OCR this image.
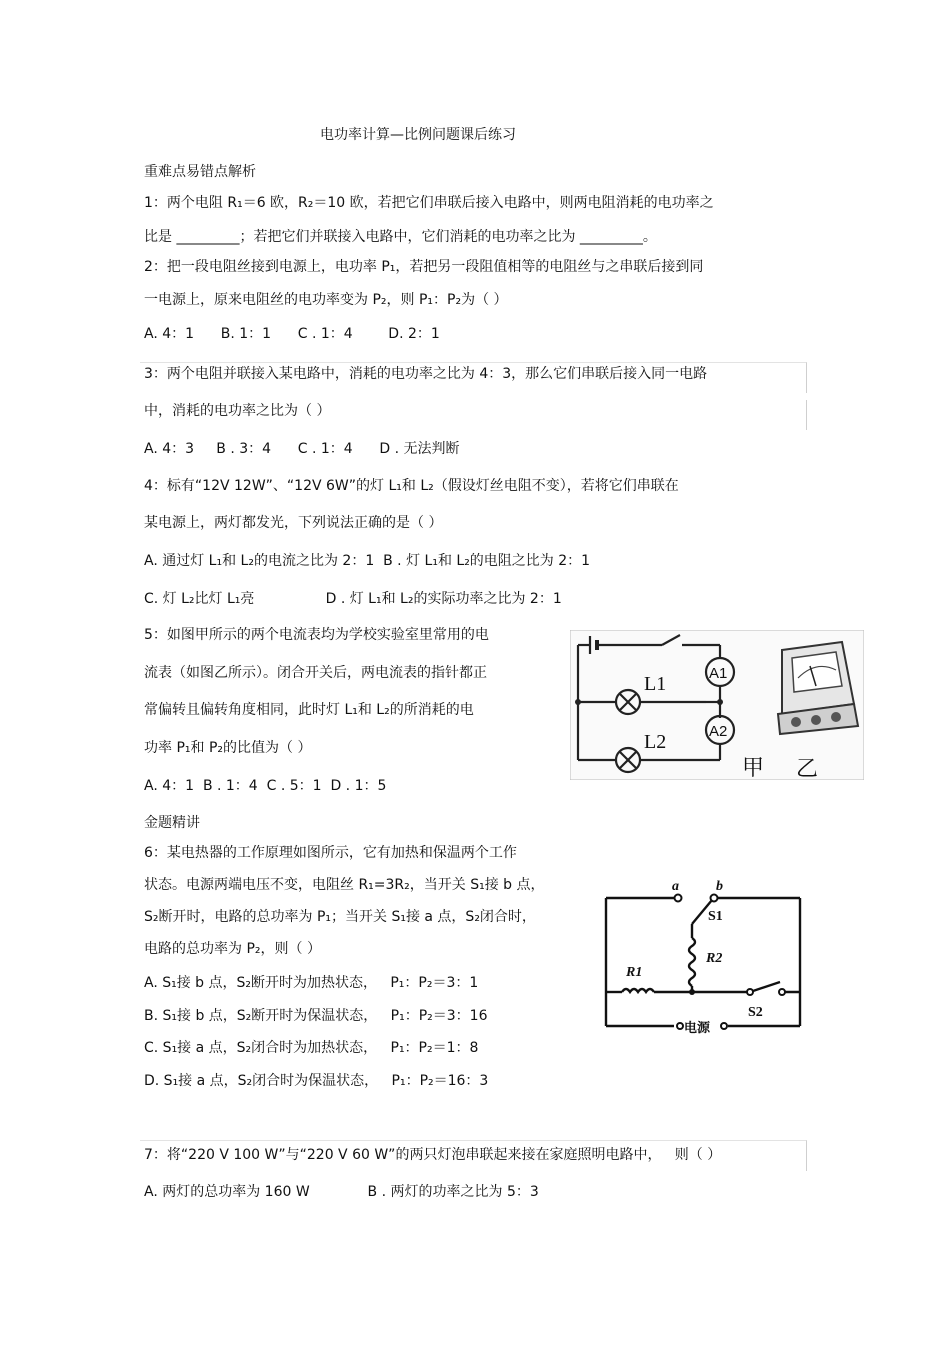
电功率计算—比例问题课后练习
重难点易错点解析
1：两个电阻 R₁＝6 欧，R₂＝10 欧，若把它们串联后接入电路中，则两电阻消耗的电功率之
比是 _________；若把它们并联接入电路中，它们消耗的电功率之比为 _________。
2：把一段电阻丝接到电源上，电功率 P₁，若把另一段阻值相等的电阻丝与之串联后接到同
一电源上，原来电阻丝的电功率变为 P₂，则 P₁：P₂为（ ）
A. 4：1      B. 1：1      C . 1：4        D. 2：1
3：两个电阻并联接入某电路中，消耗的电功率之比为 4：3，那么它们串联后接入同一电路
中，消耗的电功率之比为（ ）
A. 4：3     B . 3：4      C . 1：4      D . 无法判断
4：标有“12V 12W”、“12V 6W”的灯 L₁和 L₂（假设灯丝电阻不变），若将它们串联在
某电源上，两灯都发光，下列说法正确的是（ ）
A. 通过灯 L₁和 L₂的电流之比为 2：1  B . 灯 L₁和 L₂的电阻之比为 2：1
C. 灯 L₂比灯 L₁亮                D . 灯 L₁和 L₂的实际功率之比为 2：1
5：如图甲所示的两个电流表均为学校实验室里常用的电
流表（如图乙所示）。闭合开关后，两电流表的指针都正
常偏转且偏转角度相同，此时灯 L₁和 L₂的所消耗的电
功率 P₁和 P₂的比值为（ ）
A. 4：1  B . 1：4  C . 5：1  D . 1：5
L1
L2
A1
A2
甲 乙
金题精讲
6：某电热器的工作原理如图所示，它有加热和保温两个工作
状态。电源两端电压不变，电阻丝 R₁=3R₂，当开关 S₁接 b 点，
S₂断开时，电路的总功率为 P₁；当开关 S₁接 a 点，S₂闭合时，
电路的总功率为 P₂，则（ ）
A. S₁接 b 点，S₂断开时为加热状态，   P₁：P₂＝3：1
B. S₁接 b 点，S₂断开时为保温状态，   P₁：P₂＝3：16
C. S₁接 a 点，S₂闭合时为加热状态，   P₁：P₂＝1：8
D. S₁接 a 点，S₂闭合时为保温状态，   P₁：P₂＝16：3
a	b
S1
R2
R1
S2
电源
7：将“220 V 100 W”与“220 V 60 W”的两只灯泡串联起来接在家庭照明电路中，   则（ ）
A. 两灯的总功率为 160 W             B . 两灯的功率之比为 5：3
